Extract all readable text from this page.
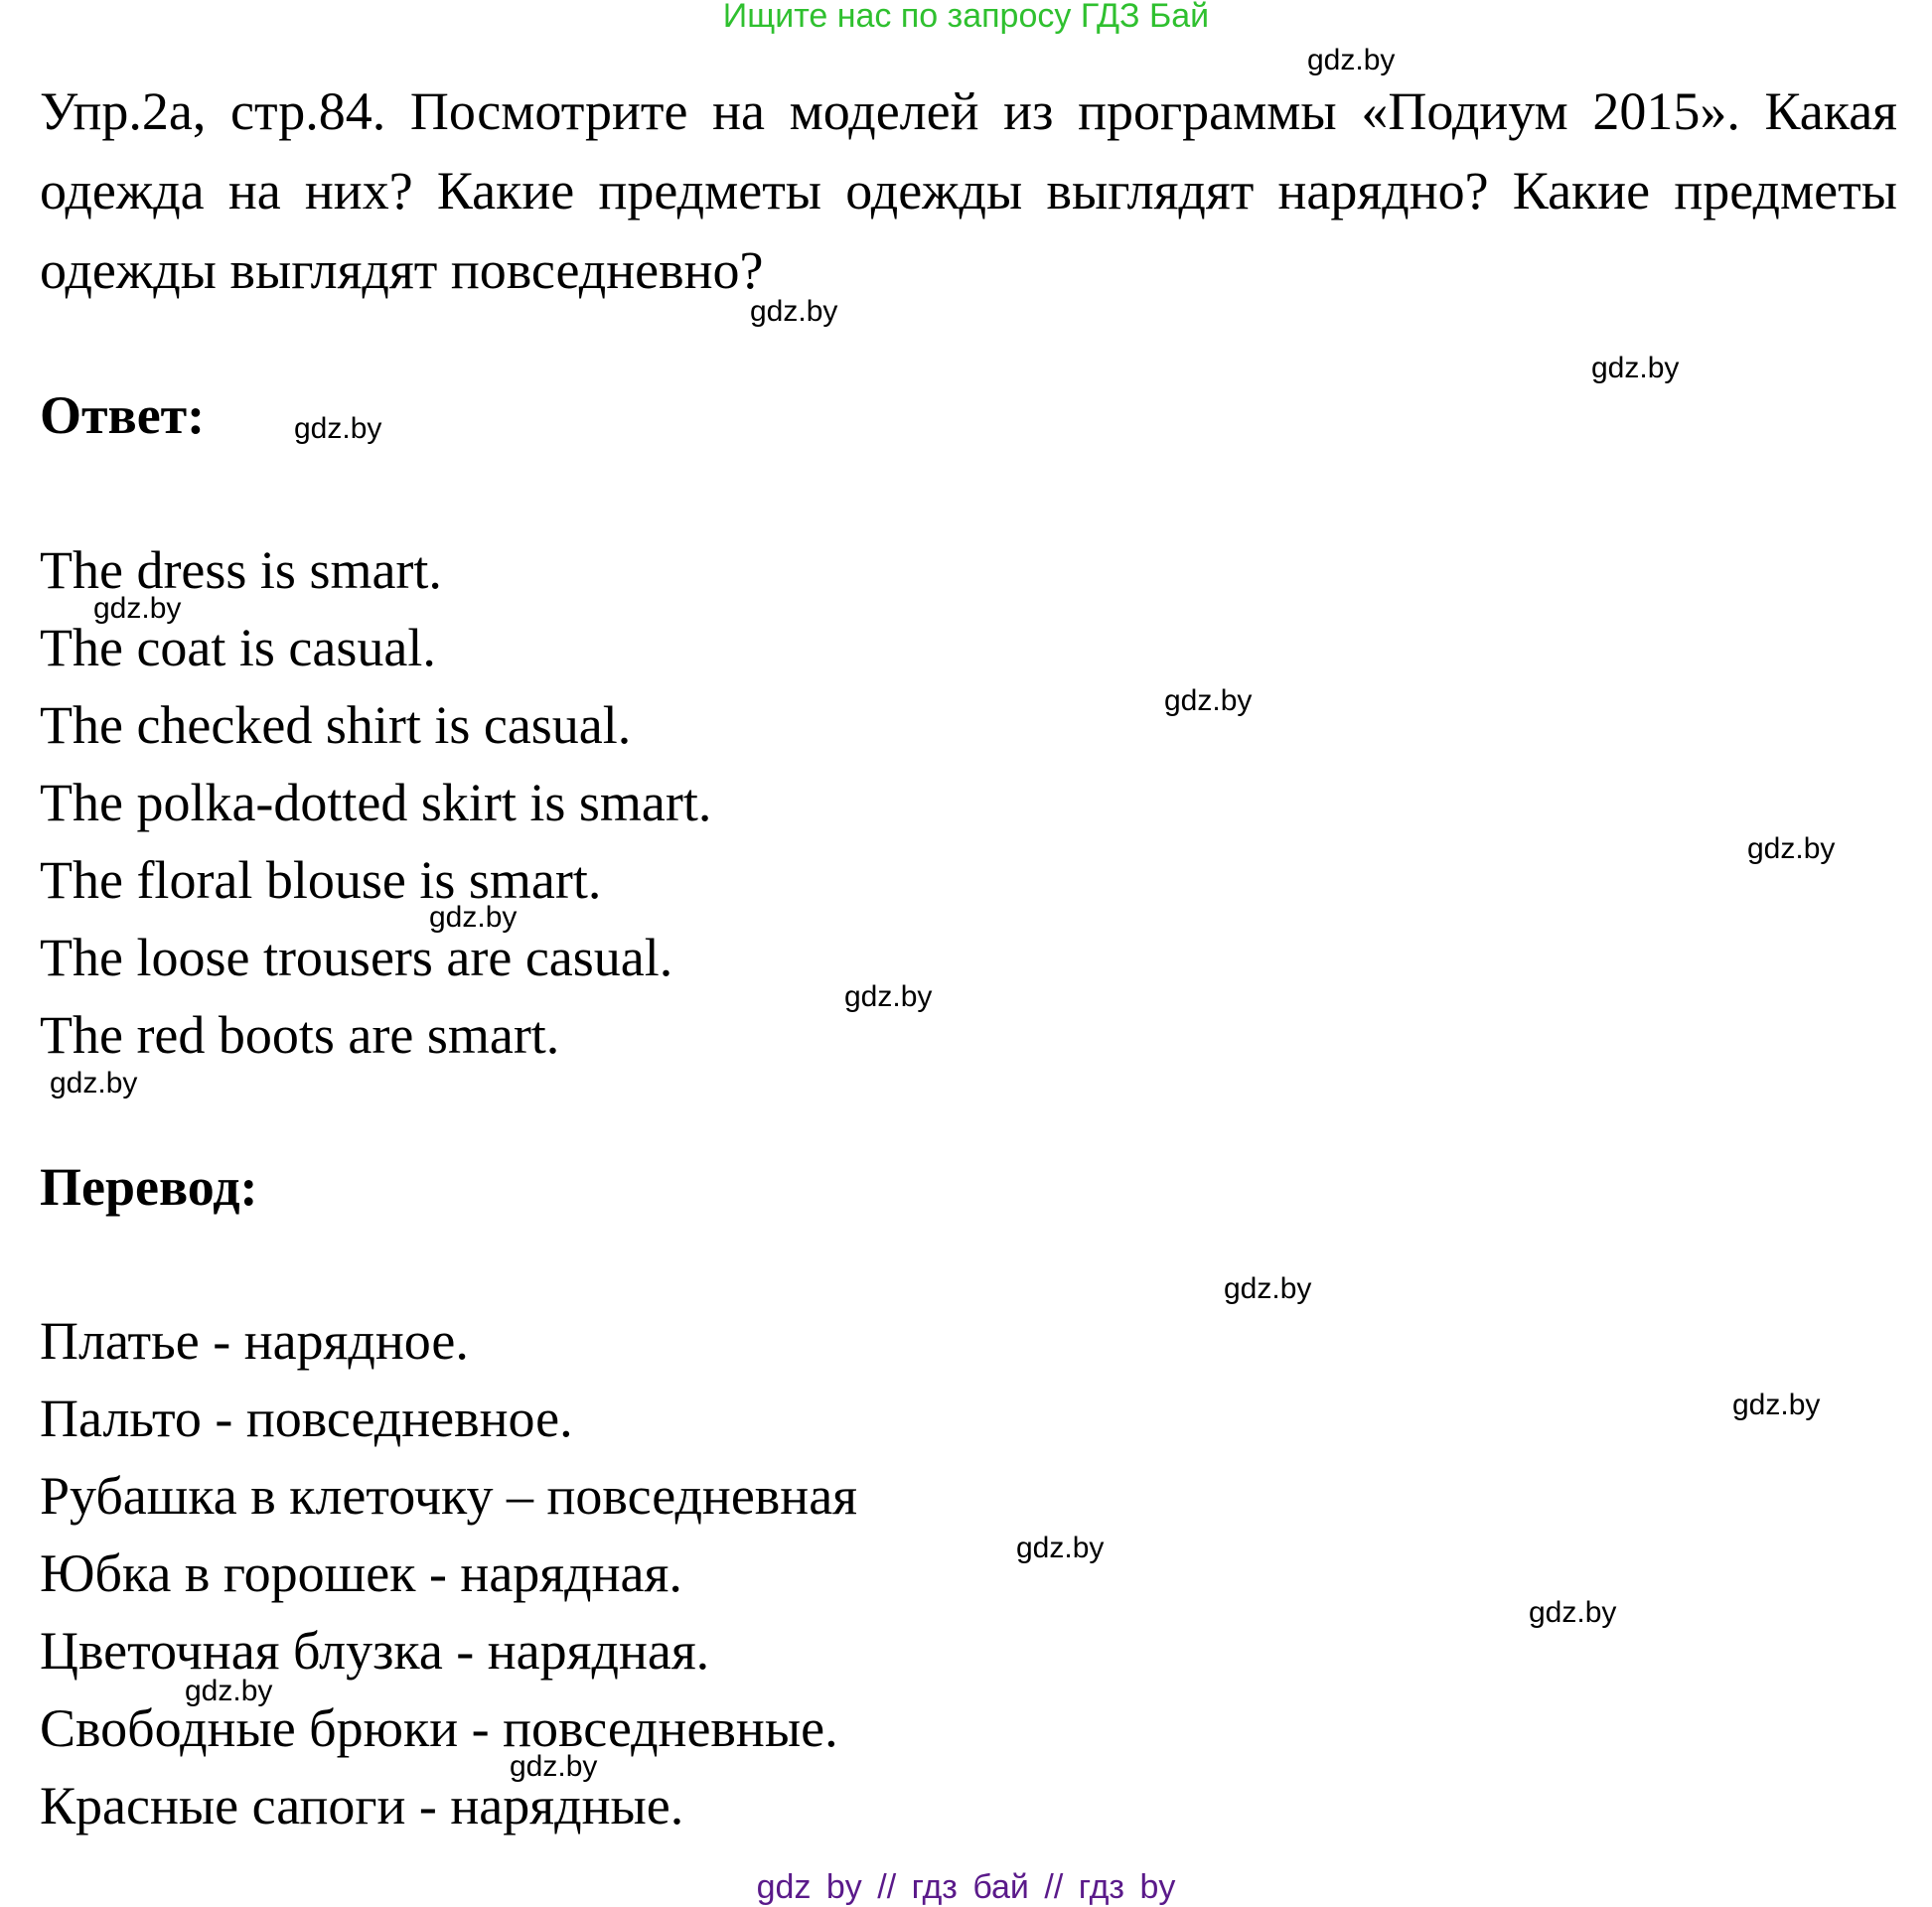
Ищите нас по запросу ГДЗ Бай

Упр.2а, стр.84. Посмотрите на моделей из программы «Подиум 2015». Какая одежда на них? Какие предметы одежды выглядят нарядно? Какие предметы одежды выглядят повседневно?

Ответ:
The dress is smart.
The coat is casual.
The checked shirt is casual.
The polka-dotted skirt is smart.
The floral blouse is smart.
The loose trousers are casual.
The red boots are smart.
Перевод:
Платье - нарядное.
Пальто - повседневное.
Рубашка в клеточку – повседневная
Юбка в горошек - нарядная.
Цветочная блузка - нарядная.
Свободные брюки - повседневные.
Красные сапоги - нарядные.
gdz.by
gdz.by
gdz.by
gdz.by
gdz.by
gdz.by
gdz.by
gdz.by
gdz.by
gdz.by
gdz.by
gdz.by
gdz.by
gdz.by
gdz.by
gdz.by
gdz by // гдз бай // гдз by
